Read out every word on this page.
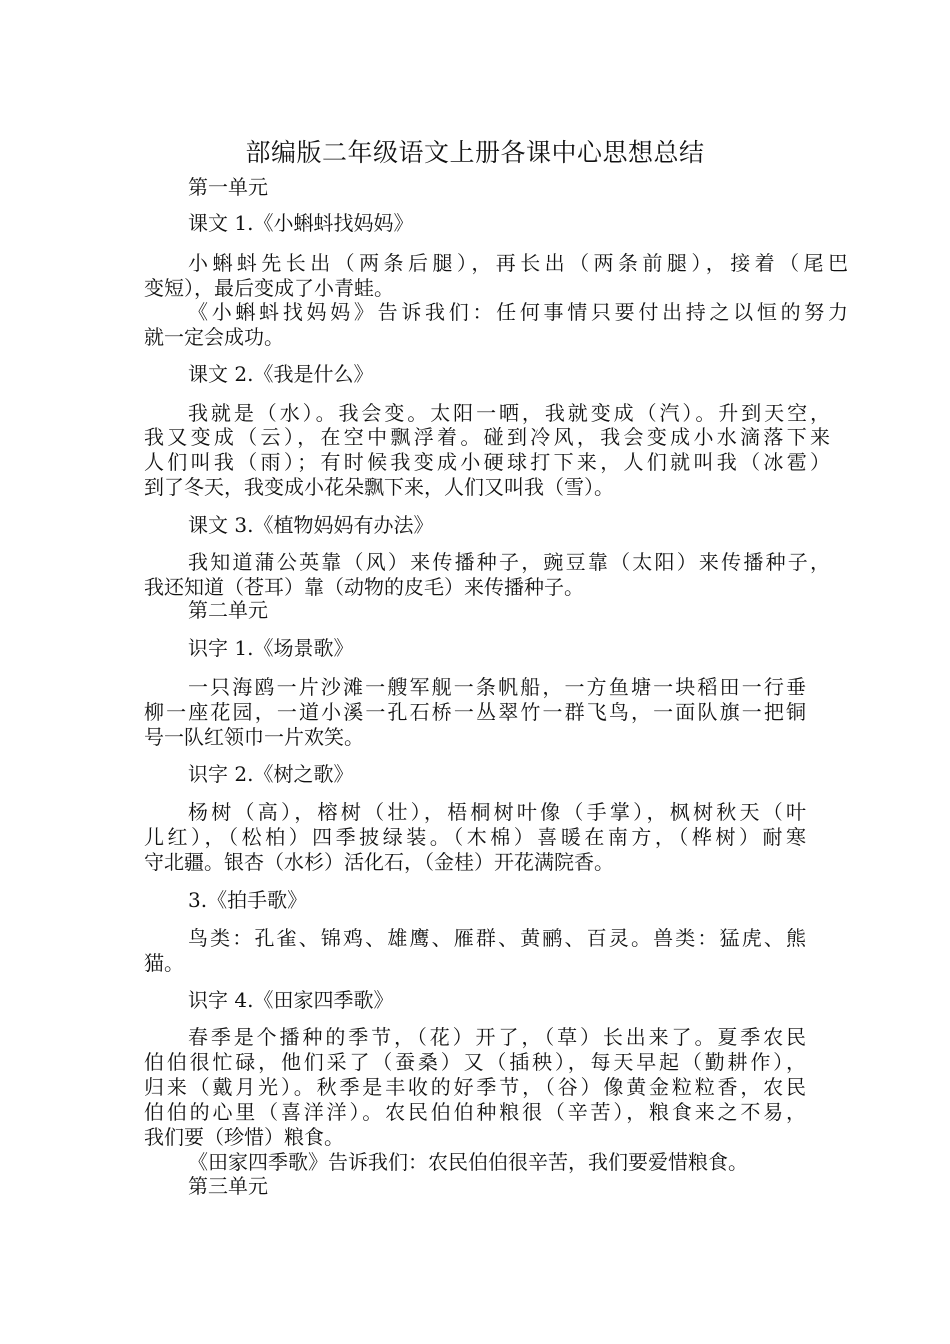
部编版二年级语文上册各课中心思想总结

第一单元

课文 1.《小蝌蚪找妈妈》

小蝌蚪先长出（两条后腿），再长出（两条前腿），接着（尾巴

变短），最后变成了小青蛙。

《小蝌蚪找妈妈》告诉我们：任何事情只要付出持之以恒的努力

就一定会成功。

课文 2.《我是什么》

我就是（水）。我会变。太阳一晒，我就变成（汽）。升到天空，

我又变成（云），在空中飘浮着。碰到冷风，我会变成小水滴落下来

人们叫我（雨）；有时候我变成小硬球打下来，人们就叫我（冰雹）

到了冬天，我变成小花朵飘下来，人们又叫我（雪）。

课文 3.《植物妈妈有办法》

我知道蒲公英靠（风）来传播种子，豌豆靠（太阳）来传播种子，

我还知道（苍耳）靠（动物的皮毛）来传播种子。

第二单元

识字 1.《场景歌》

一只海鸥一片沙滩一艘军舰一条帆船，一方鱼塘一块稻田一行垂

柳一座花园，一道小溪一孔石桥一丛翠竹一群飞鸟，一面队旗一把铜

号一队红领巾一片欢笑。

识字 2.《树之歌》

杨树（高），榕树（壮），梧桐树叶像（手掌），枫树秋天（叶

儿红），（松柏）四季披绿装。（木棉）喜暖在南方，（桦树）耐寒

守北疆。银杏（水杉）活化石，（金桂）开花满院香。

3.《拍手歌》

鸟类：孔雀、锦鸡、雄鹰、雁群、黄鹂、百灵。兽类：猛虎、熊

猫。

识字 4.《田家四季歌》

春季是个播种的季节，（花）开了，（草）长出来了。夏季农民

伯伯很忙碌，他们采了（蚕桑）又（插秧），每天早起（勤耕作），

归来（戴月光）。秋季是丰收的好季节，（谷）像黄金粒粒香，农民

伯伯的心里（喜洋洋）。农民伯伯种粮很（辛苦），粮食来之不易，

我们要（珍惜）粮食。

《田家四季歌》告诉我们：农民伯伯很辛苦，我们要爱惜粮食。

第三单元
